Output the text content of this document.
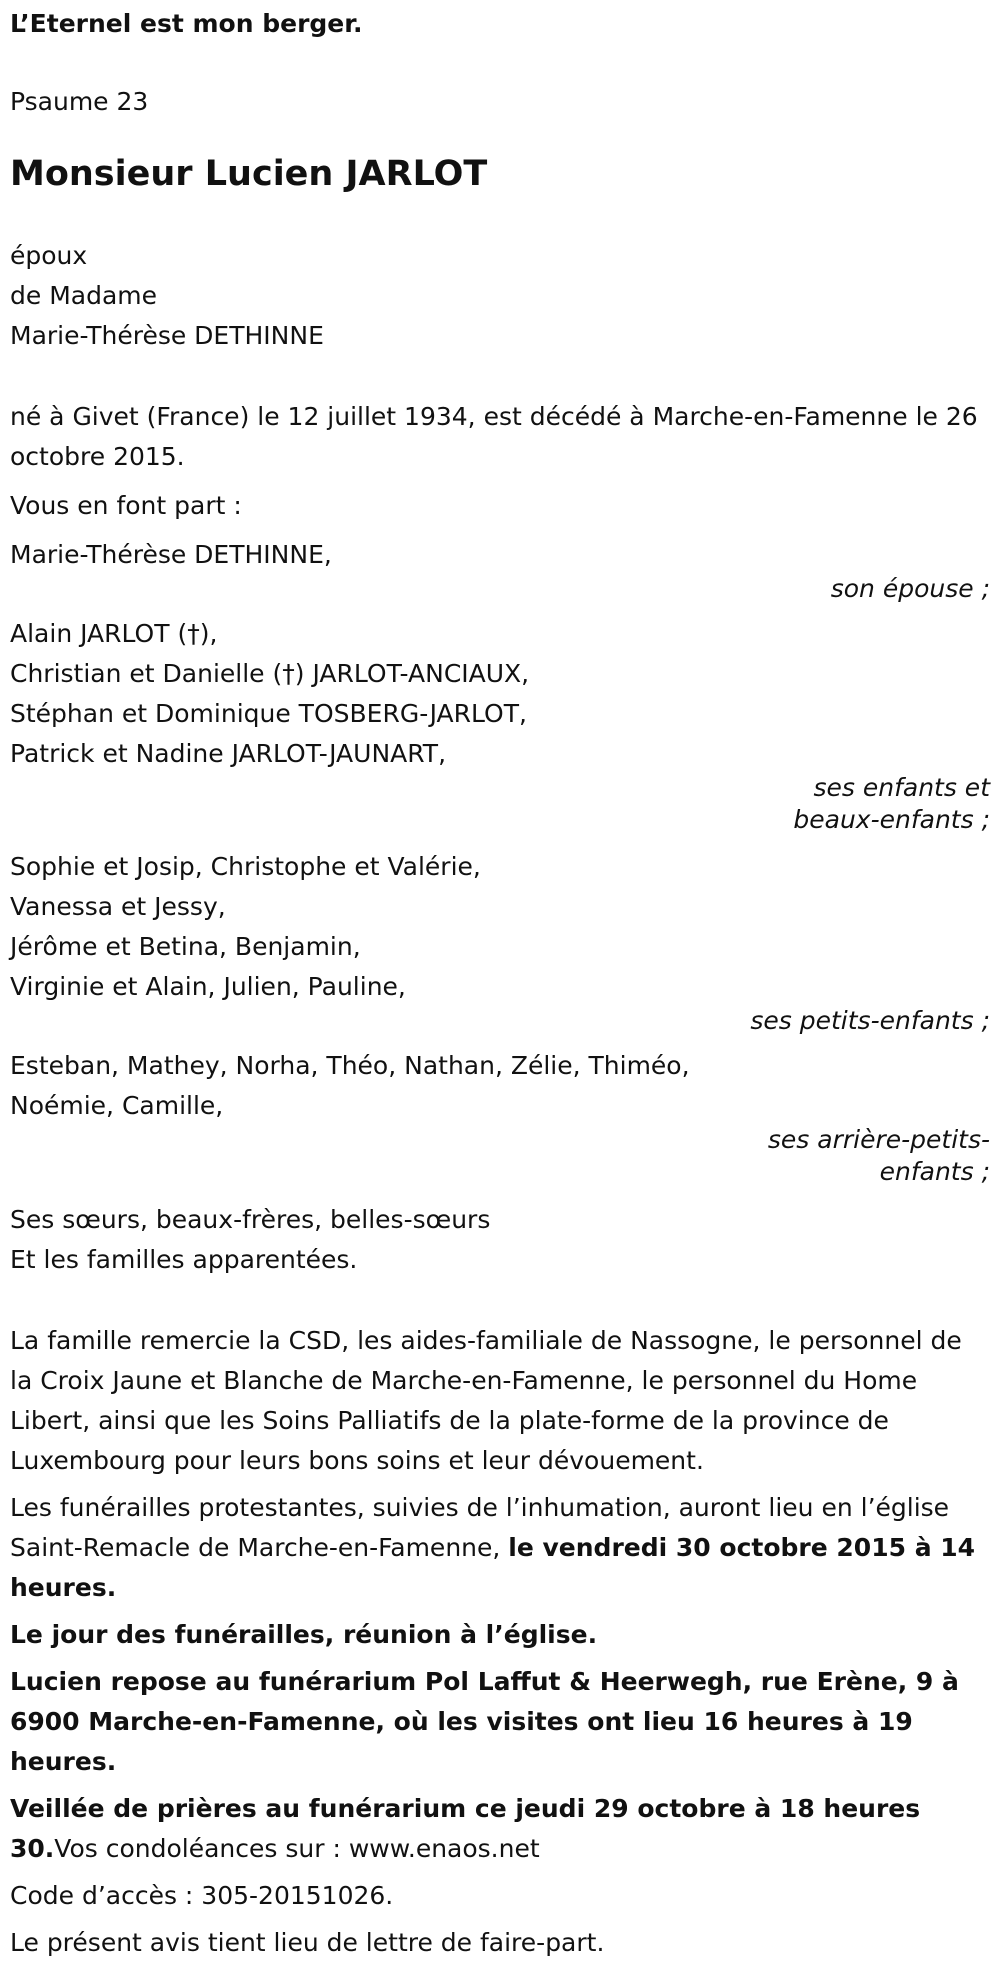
L’Eternel est mon berger.

Psaume 23

Monsieur Lucien JARLOT

époux

de Madame

Marie-Thérèse DETHINNE

né à Givet (France) le 12 juillet 1934, est décédé à Marche-en-Famenne le 26 octobre 2015.

Vous en font part :

Marie-Thérèse DETHINNE,

son épouse ;

Alain JARLOT (†),

Christian et Danielle (†) JARLOT-ANCIAUX,

Stéphan et Dominique TOSBERG-JARLOT,

Patrick et Nadine JARLOT-JAUNART,

ses enfants et

beaux-enfants ;

Sophie et Josip, Christophe et Valérie,

Vanessa et Jessy,

Jérôme et Betina, Benjamin,

Virginie et Alain, Julien, Pauline,

ses petits-enfants ;

Esteban, Mathey, Norha, Théo, Nathan, Zélie, Thiméo,

Noémie, Camille,

ses arrière-petits-

enfants ;

Ses sœurs, beaux-frères, belles-sœurs

Et les familles apparentées.

La famille remercie la CSD, les aides-familiale de Nassogne, le personnel de la Croix Jaune et Blanche de Marche-en-Famenne, le personnel du Home Libert, ainsi que les Soins Palliatifs de la plate-forme de la province de Luxembourg pour leurs bons soins et leur dévouement.

Les funérailles protestantes, suivies de l’inhumation, auront lieu en l’église Saint-Remacle de Marche-en-Famenne, le vendredi 30 octobre 2015 à 14 heures.

Le jour des funérailles, réunion à l’église.

Lucien repose au funérarium Pol Laffut & Heerwegh, rue Erène, 9 à 6900 Marche-en-Famenne, où les visites ont lieu 16 heures à 19 heures.

Veillée de prières au funérarium ce jeudi 29 octobre à 18 heures 30.Vos condoléances sur : www.enaos.net

Code d’accès : 305-20151026.

Le présent avis tient lieu de lettre de faire-part.
